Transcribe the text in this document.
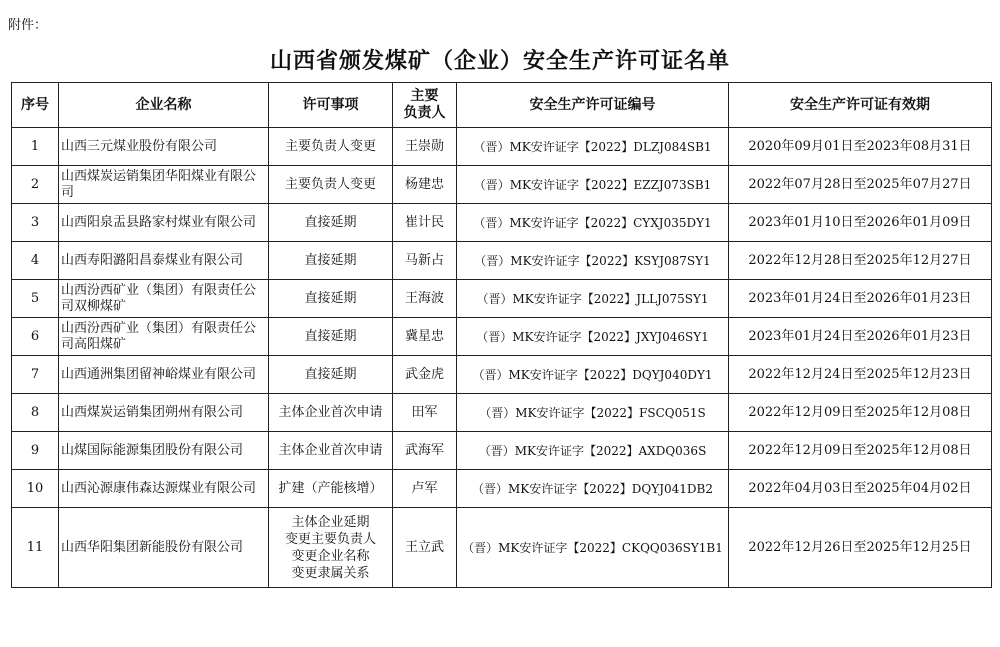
附件：
山西省颁发煤矿（企业）安全生产许可证名单
序号	企业名称	许可事项	主要
负责人	安全生产许可证编号	安全生产许可证有效期
1	山西三元煤业股份有限公司	主要负责人变更	王崇勋	（晋）MK安许证字【2022】DLZJ084SB1	2020年09月01日至2023年08月31日
2	山西煤炭运销集团华阳煤业有限公司	主要负责人变更	杨建忠	（晋）MK安许证字【2022】EZZJ073SB1	2022年07月28日至2025年07月27日
3	山西阳泉盂县路家村煤业有限公司	直接延期	崔计民	（晋）MK安许证字【2022】CYXJ035DY1	2023年01月10日至2026年01月09日
4	山西寿阳潞阳昌泰煤业有限公司	直接延期	马新占	（晋）MK安许证字【2022】KSYJ087SY1	2022年12月28日至2025年12月27日
5	山西汾西矿业（集团）有限责任公司双柳煤矿	直接延期	王海波	（晋）MK安许证字【2022】JLLJ075SY1	2023年01月24日至2026年01月23日
6	山西汾西矿业（集团）有限责任公司高阳煤矿	直接延期	冀星忠	（晋）MK安许证字【2022】JXYJ046SY1	2023年01月24日至2026年01月23日
7	山西通洲集团留神峪煤业有限公司	直接延期	武金虎	（晋）MK安许证字【2022】DQYJ040DY1	2022年12月24日至2025年12月23日
8	山西煤炭运销集团朔州有限公司	主体企业首次申请	田军	（晋）MK安许证字【2022】FSCQ051S	2022年12月09日至2025年12月08日
9	山煤国际能源集团股份有限公司	主体企业首次申请	武海军	（晋）MK安许证字【2022】AXDQ036S	2022年12月09日至2025年12月08日
10	山西沁源康伟森达源煤业有限公司	扩建（产能核增）	卢军	（晋）MK安许证字【2022】DQYJ041DB2	2022年04月03日至2025年04月02日
11	山西华阳集团新能股份有限公司	主体企业延期
变更主要负责人
变更企业名称
变更隶属关系	王立武	（晋）MK安许证字【2022】CKQQ036SY1B1	2022年12月26日至2025年12月25日
